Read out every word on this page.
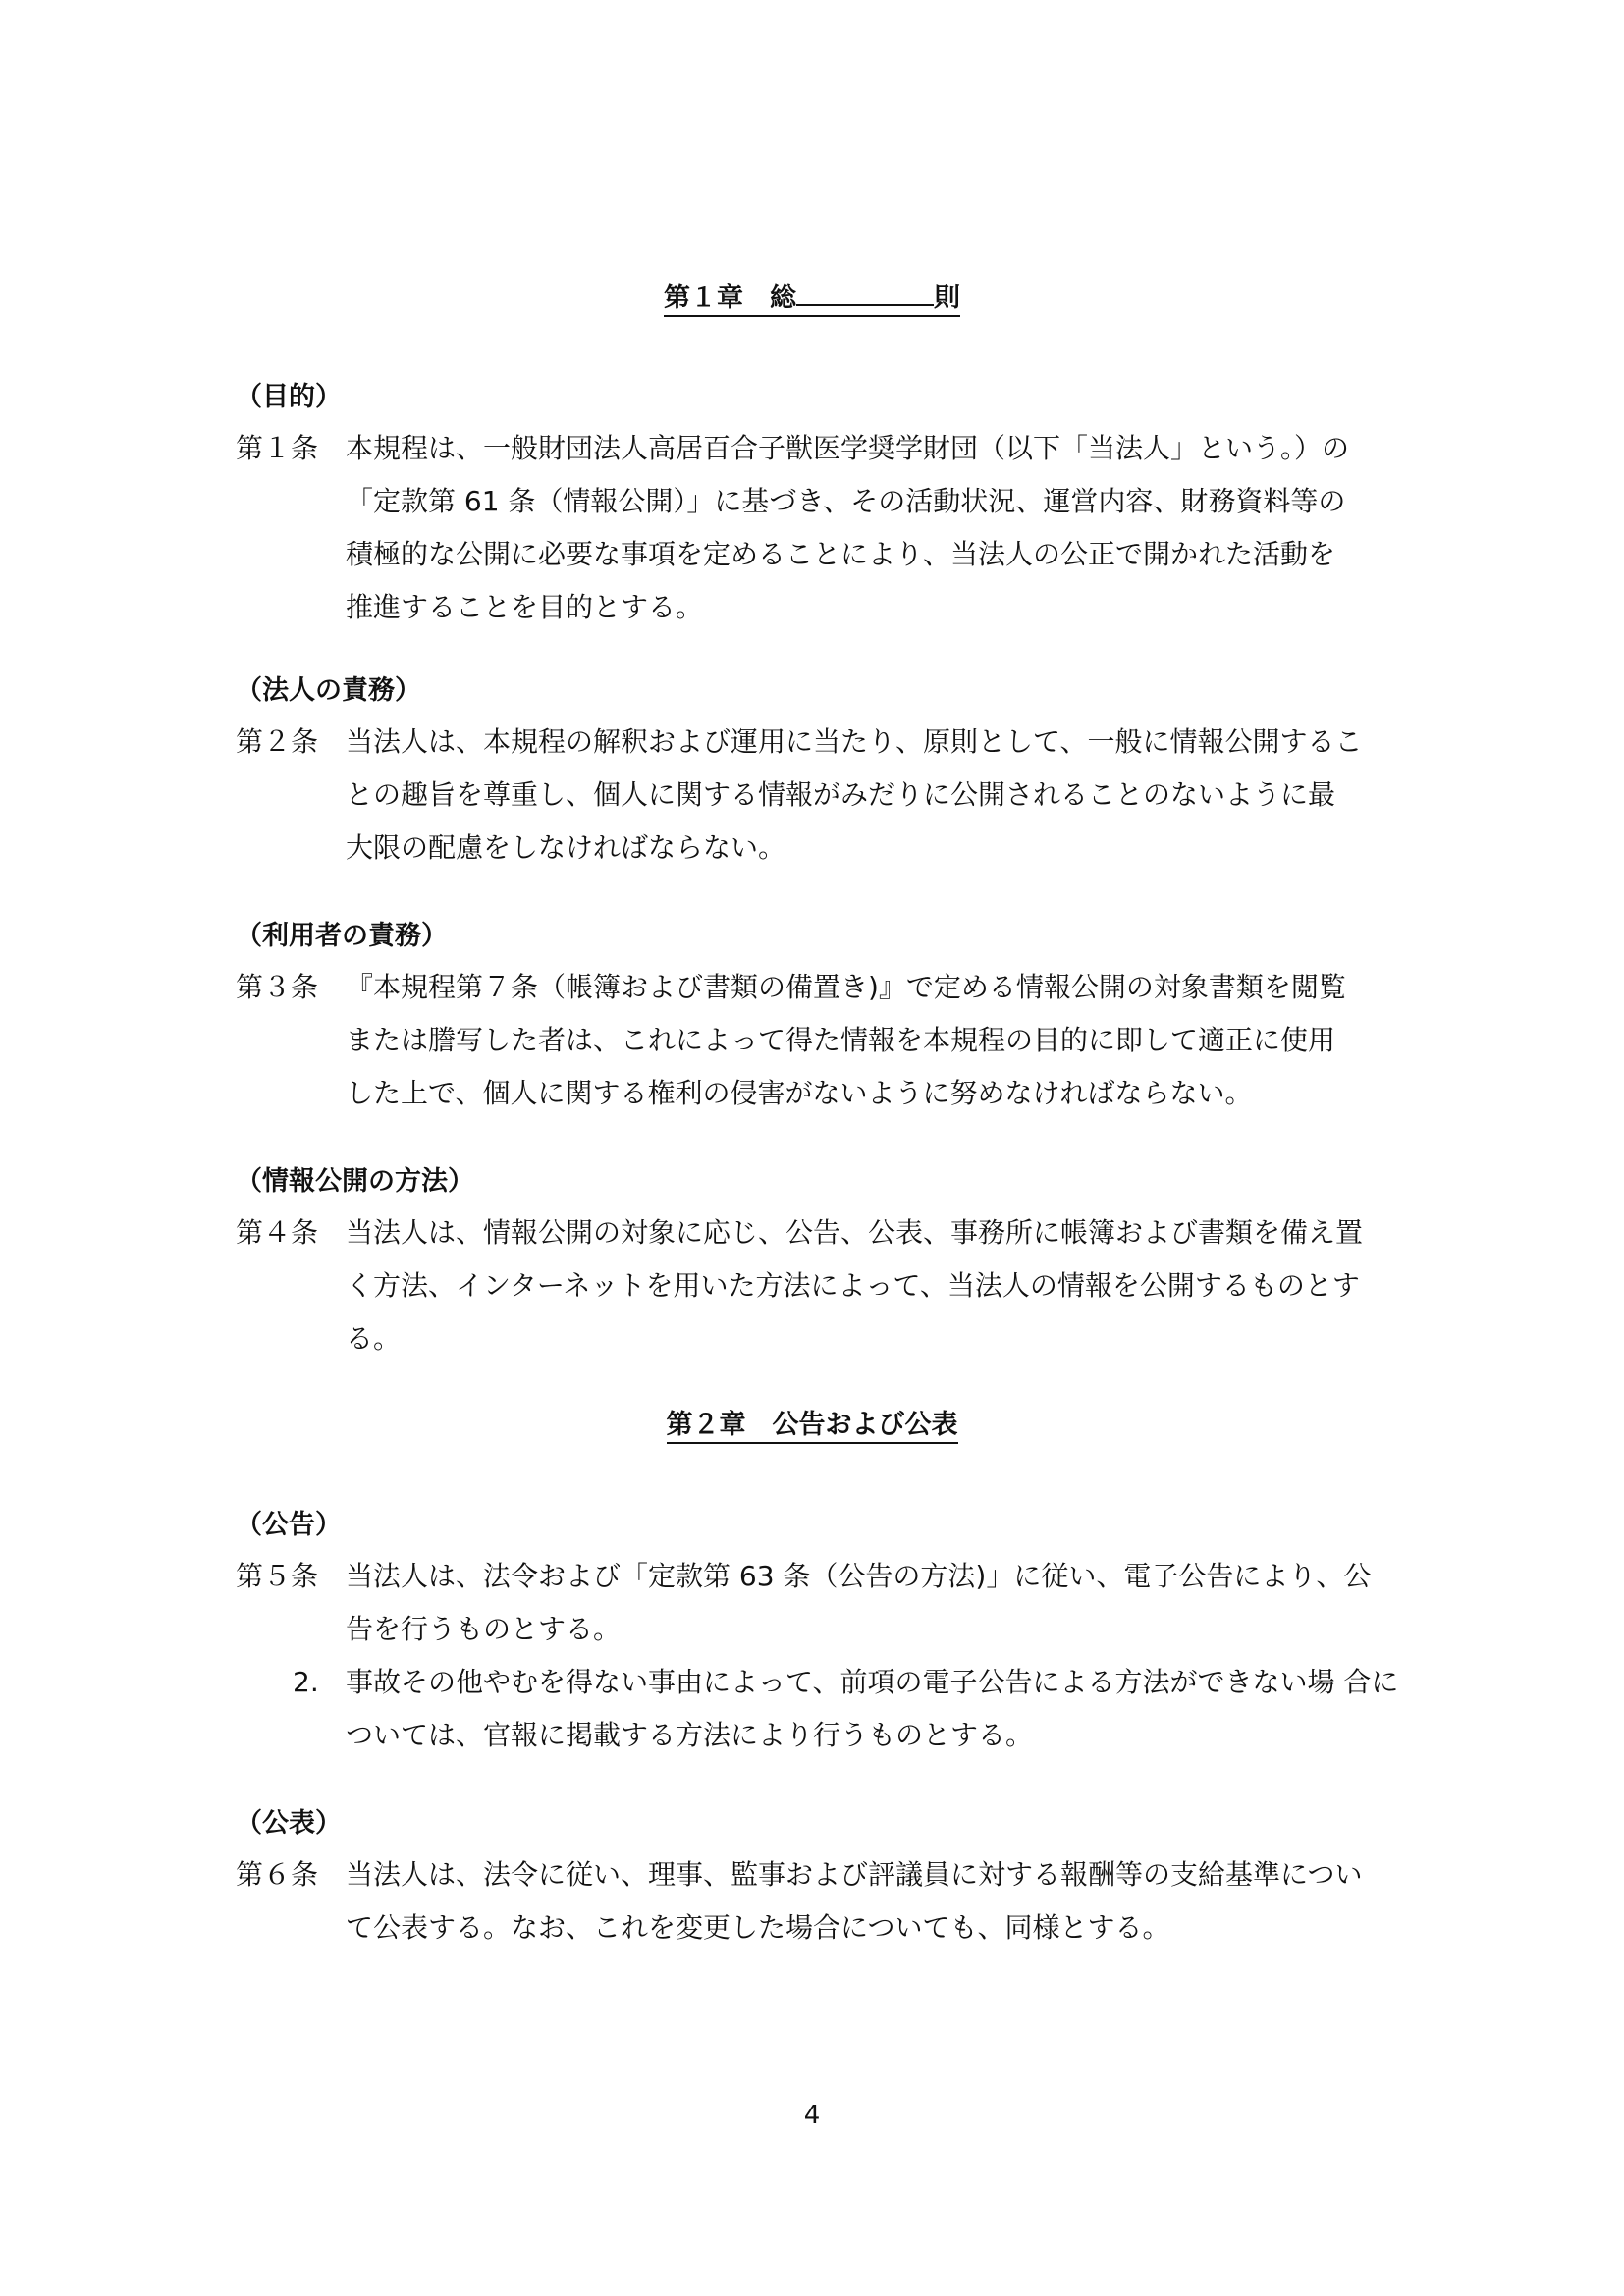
第１章　総	則
（目的）
第１条 本規程は、一般財団法人高居百合子獣医学奨学財団（以下「当法人」という。）の
「定款第 61 条（情報公開）」に基づき、その活動状況、運営内容、財務資料等の
積極的な公開に必要な事項を定めることにより、当法人の公正で開かれた活動を
推進することを目的とする。
（法人の責務）
第２条 当法人は、本規程の解釈および運用に当たり、原則として、一般に情報公開するこ
との趣旨を尊重し、個人に関する情報がみだりに公開されることのないように最
大限の配慮をしなければならない。
（利用者の責務）
第３条 『本規程第７条（帳簿および書類の備置き)』で定める情報公開の対象書類を閲覧
または謄写した者は、これによって得た情報を本規程の目的に即して適正に使用
した上で、個人に関する権利の侵害がないように努めなければならない。
（情報公開の方法）
第４条 当法人は、情報公開の対象に応じ、公告、公表、事務所に帳簿および書類を備え置
く方法、インターネットを用いた方法によって、当法人の情報を公開するものとす
る。
第２章　公告および公表
（公告）
第５条 当法人は、法令および「定款第 63 条（公告の方法)」に従い、電子公告により、公
告を行うものとする。
2. 事故その他やむを得ない事由によって、前項の電子公告による方法ができない場 合については、官報に掲載する方法により行うものとする。
（公表）
第６条 当法人は、法令に従い、理事、監事および評議員に対する報酬等の支給基準につい
て公表する。なお、これを変更した場合についても、同様とする。
4
